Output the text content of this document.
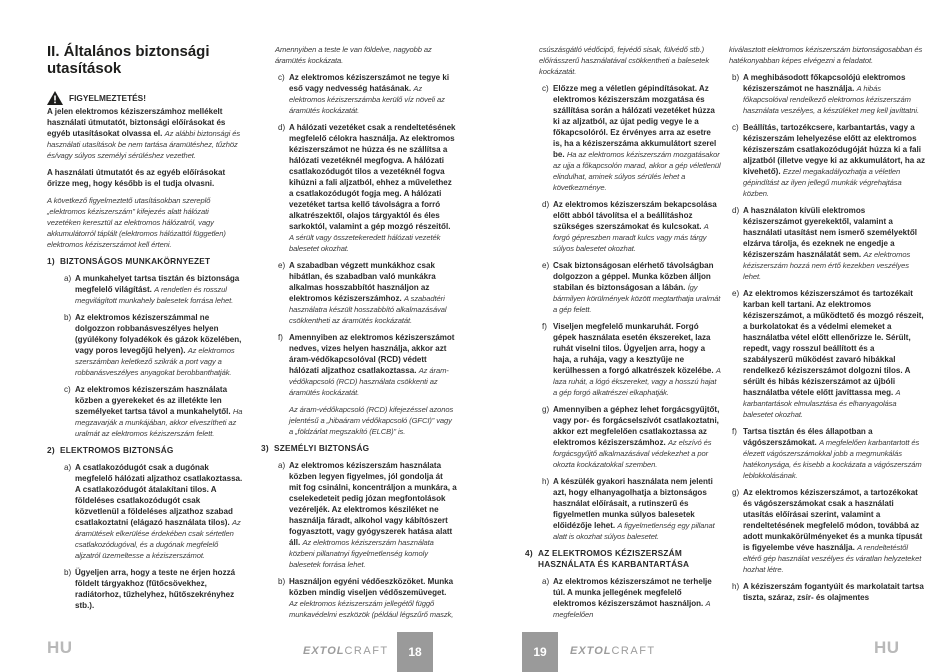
II. Általános biztonsági utasítások
FIGYELMEZTETÉS!

A jelen elektromos kéziszerszámhoz mellékelt használati útmutatót, biztonsági előírásokat és egyéb utasításokat olvassa el. Az alábbi biztonsági és használati utasítások be nem tartása áramütéshez, tűzhöz és/vagy súlyos személyi sérüléshez vezethet.

A használati útmutatót és az egyéb előírásokat őrizze meg, hogy később is el tudja olvasni.

A következő figyelmeztető utasításokban szereplő „elektromos kéziszerszám” kifejezés alatt hálózati vezetéken keresztül az elektromos hálózatról, vagy akkumulátorról táplált (elektromos hálózattól független) elektromos kéziszerszámot kell érteni.

1) BIZTONSÁGOS MUNKAKÖRNYEZET
a) A munkahelyet tartsa tisztán és biztonsága megfelelő világítást. A rendetlen és rosszul megvilágított munkahely balesetek forrása lehet.
b) Az elektromos kéziszerszámmal ne dolgozzon robbanásveszélyes helyen (gyúlékony folyadékok és gázok közelében, vagy poros levegőjű helyen). Az elektromos szerszámban keletkező szikrák a port vagy a robbanásveszélyes anyagokat berobbanthatják.
c) Az elektromos kéziszerszám használata közben a gyerekeket és az illetékte len személyeket tartsa távol a munkahelytől. Ha megzavarják a munkájában, akkor elveszítheti az uralmát az elektromos kéziszerszám felett.
2) ELEKTROMOS BIZTONSÁG
a) A csatlakozódugót csak a dugónak megfelelő hálózati aljzathoz csatlakoztassa. A csatlakozódugót átalakítani tilos. A földeléses csatlakozódugót csak közvetlenül a földeléses aljzathoz szabad csatlakoztatni (elágazó használata tilos). Az áramütések elkerülése érdekében csak sértetlen csatlakozódugóval, és a dugónak megfelelő aljzatról üzemeltesse a kéziszerszámot.
b) Ügyeljen arra, hogy a teste ne érjen hozzá földelt tárgyakhoz (fűtőcsövekhez, radiátorhoz, tűzhelyhez, hűtőszekrényhez stb.).

Amennyiben a teste le van földelve, nagyobb az áramütés kockázata.

c) Az elektromos kéziszerszámot ne tegye ki eső vagy nedvesség hatásának. Az elektromos kéziszerszámba kerülő víz növeli az áramütés kockázatát.
d) A hálózati vezetéket csak a rendeltetésének megfelelő célokra használja. Az elektromos kéziszerszámot ne húzza és ne szállítsa a hálózati vezetéknél megfogva. A hálózati csatlakozódugót tilos a vezetéknél fogva kihúzni a fali aljzatból, ehhez a művelethez a csatlakozódugót fogja meg. A hálózati vezetéket tartsa kellő távolságra a forró alkatrészektől, olajos tárgyaktól és éles sarkoktól, valamint a gép mozgó részeitől. A sérült vagy összetekeredett hálózati vezeték balesetet okozhat.
e) A szabadban végzett munkákhoz csak hibátlan, és szabadban való munkákra alkalmas hosszabbítót használjon az elektromos kéziszerszámhoz. A szabadtéri használatra készült hosszabbító alkalmazásával csökkentheti az áramütés kockázatát.
f) Amennyiben az elektromos kéziszerszámot nedves, vizes helyen használja, akkor azt áram-védőkapcsolóval (RCD) védett hálózati aljzathoz csatlakoztassa. Az áram-védőkapcsoló (RCD) használata csökkenti az áramütés kockázatát.

Az áram-védőkapcsoló (RCD) kifejezéssel azonos jelentésű a „hibaáram védőkapcsoló (GFCI)” vagy a „földzárlat megszakító (ELCB)” is.

3) SZEMÉLYI BIZTONSÁG
a) Az elektromos kéziszerszám használata közben legyen figyelmes, jól gondolja át mit fog csinálni, koncentráljon a munkára, a cselekedeteit pedig józan megfontolások vezéreljék. Az elektromos késziléket ne használja fáradt, alkohol vagy kábítószert fogyasztott, vagy gyógyszerek hatása alatt áll. Az elektromos kéziszerszám használata közbeni pillanatnyi figyelmetlenség komoly balesetek forrása lehet.
b) Használjon egyéni védőeszközöket. Munka közben mindig viseljen védőszemüveget. Az elektromos kéziszerszám jellegétől függő munkavédelmi eszközök (például légszűrő maszk,

csúszásgátló védőcipő, fejvédő sisak, fülvédő stb.) előírásszerű használatával csökkentheti a balesetek kockázatát.

c) Előzze meg a véletlen gépindításokat. Az elektromos kéziszerszám mozgatása és szállítása során a hálózati vezetéket húzza ki az aljzatból, az újat pedig vegye le a főkapcsolóról. Ez érvényes arra az esetre is, ha a kéziszerszáma akkumulátort szerel be. Ha az elektromos kéziszerszám mozgatásakor az ujja a főkapcsolón marad, akkor a gép véletlenül elindulhat, aminek súlyos sérülés lehet a következménye.
d) Az elektromos kéziszerszám bekapcsolása előtt abból távolítsa el a beállításhoz szükséges szerszámokat és kulcsokat. A forgó gépreszben maradt kulcs vagy más tárgy súlyos balesetet okozhat.
e) Csak biztonságosan elérhető távolságban dolgozzon a géppel. Munka közben álljon stabilan és biztonságosan a lábán. Így bármilyen körülmények között megtarthatja uralmát a gép felett.
f) Viseljen megfelelő munkaruhát. Forgó gépek használata esetén ékszereket, laza ruhát viselni tilos. Ügyeljen arra, hogy a haja, a ruhája, vagy a kesztyűje ne kerülhessen a forgó alkatrészek közelébe. A laza ruhát, a lógó ékszereket, vagy a hosszú hajat a gép forgó alkatrészei elkaphatják.
g) Amennyiben a géphez lehet forgácsgyűjtőt, vagy por- és forgácselszívót csatlakoztatni, akkor ezt megfelelően csatlakoztassa az elektromos kéziszerszámhoz. Az elszívó és forgácsgyűjtő alkalmazásával védekezhet a por okozta kockázatokkal szemben.
h) A készülék gyakori használata nem jelenti azt, hogy elhanyagolhatja a biztonságos használat előírásait, a rutinszerű és figyelmetlen munka súlyos balesetek előidézője lehet. A figyelmetlenség egy pillanat alatt is okozhat súlyos balesetet.
4) AZ ELEKTROMOS KÉZISZERSZÁM HASZNÁLATA ÉS KARBANTARTÁSA
a) Az elektromos kéziszerszámot ne terhelje túl. A munka jellegének megfelelő elektromos kéziszerszámot használjon. A megfelelően

kiválasztott elektromos kéziszerszám biztonságosabban és hatékonyabban képes elvégezni a feladatot.

b) A meghibásodott főkapcsolójú elektromos kéziszerszámot ne használja. A hibás főkapcsolóval rendelkező elektromos kéziszerszám használata veszélyes, a készüléket meg kell javíttatni.
c) Beállítás, tartozékcsere, karbantartás, vagy a kéziszerszám lehelyezése előtt az elektromos kéziszerszám csatlakozódugóját húzza ki a fali aljzatból (illetve vegye ki az akkumulátort, ha az kivehető). Ezzel megakadályozhatja a véletlen gépindítást az ilyen jellegű munkák végrehajtása közben.
d) A használaton kívüli elektromos kéziszerszámot gyerekektől, valamint a használati utasítást nem ismerő személyektől elzárva tárolja, és ezeknek ne engedje a kéziszerszám használatát sem. Az elektromos kéziszerszám hozzá nem értő kezekben veszélyes lehet.
e) Az elektromos kéziszerszámot és tartozékait karban kell tartani. Az elektromos kéziszerszámot, a működtető és mozgó részeit, a burkolatokat és a védelmi elemeket a használatba vétel előtt ellenőrizze le. Sérült, repedt, vagy rosszul beállított és a szabályszerű működést zavaró hibákkal rendelkező kéziszerszámot dolgozni tilos. A sérült és hibás kéziszerszámot az újbóli használatba vétele előtt javíttassa meg. A karbantartások elmulasztása és elhanyagolása balesetet okozhat.
f) Tartsa tisztán és éles állapotban a vágószerszámokat. A megfelelően karbantartott és élezett vágószerszámokkal jobb a megmunkálás hatékonysága, és kisebb a kockázata a vágószerszám leblokkolásának.
g) Az elektromos kéziszerszámot, a tartozékokat és vágószerszámokat csak a használati utasítás előírásai szerint, valamint a rendeltetésének megfelelő módon, továbbá az adott munkakörülményeket és a munka típusát is figyelembe véve használja. A rendeltetéstől eltérő gép használat veszélyes és váratlan helyzeteket hozhat létre.
h) A kéziszerszám fogantyúit és markolatait tartsa tiszta, száraz, zsír- és olajmentes
HU	EXTOLCRAFT	18	19	EXTOLCRAFT	HU
